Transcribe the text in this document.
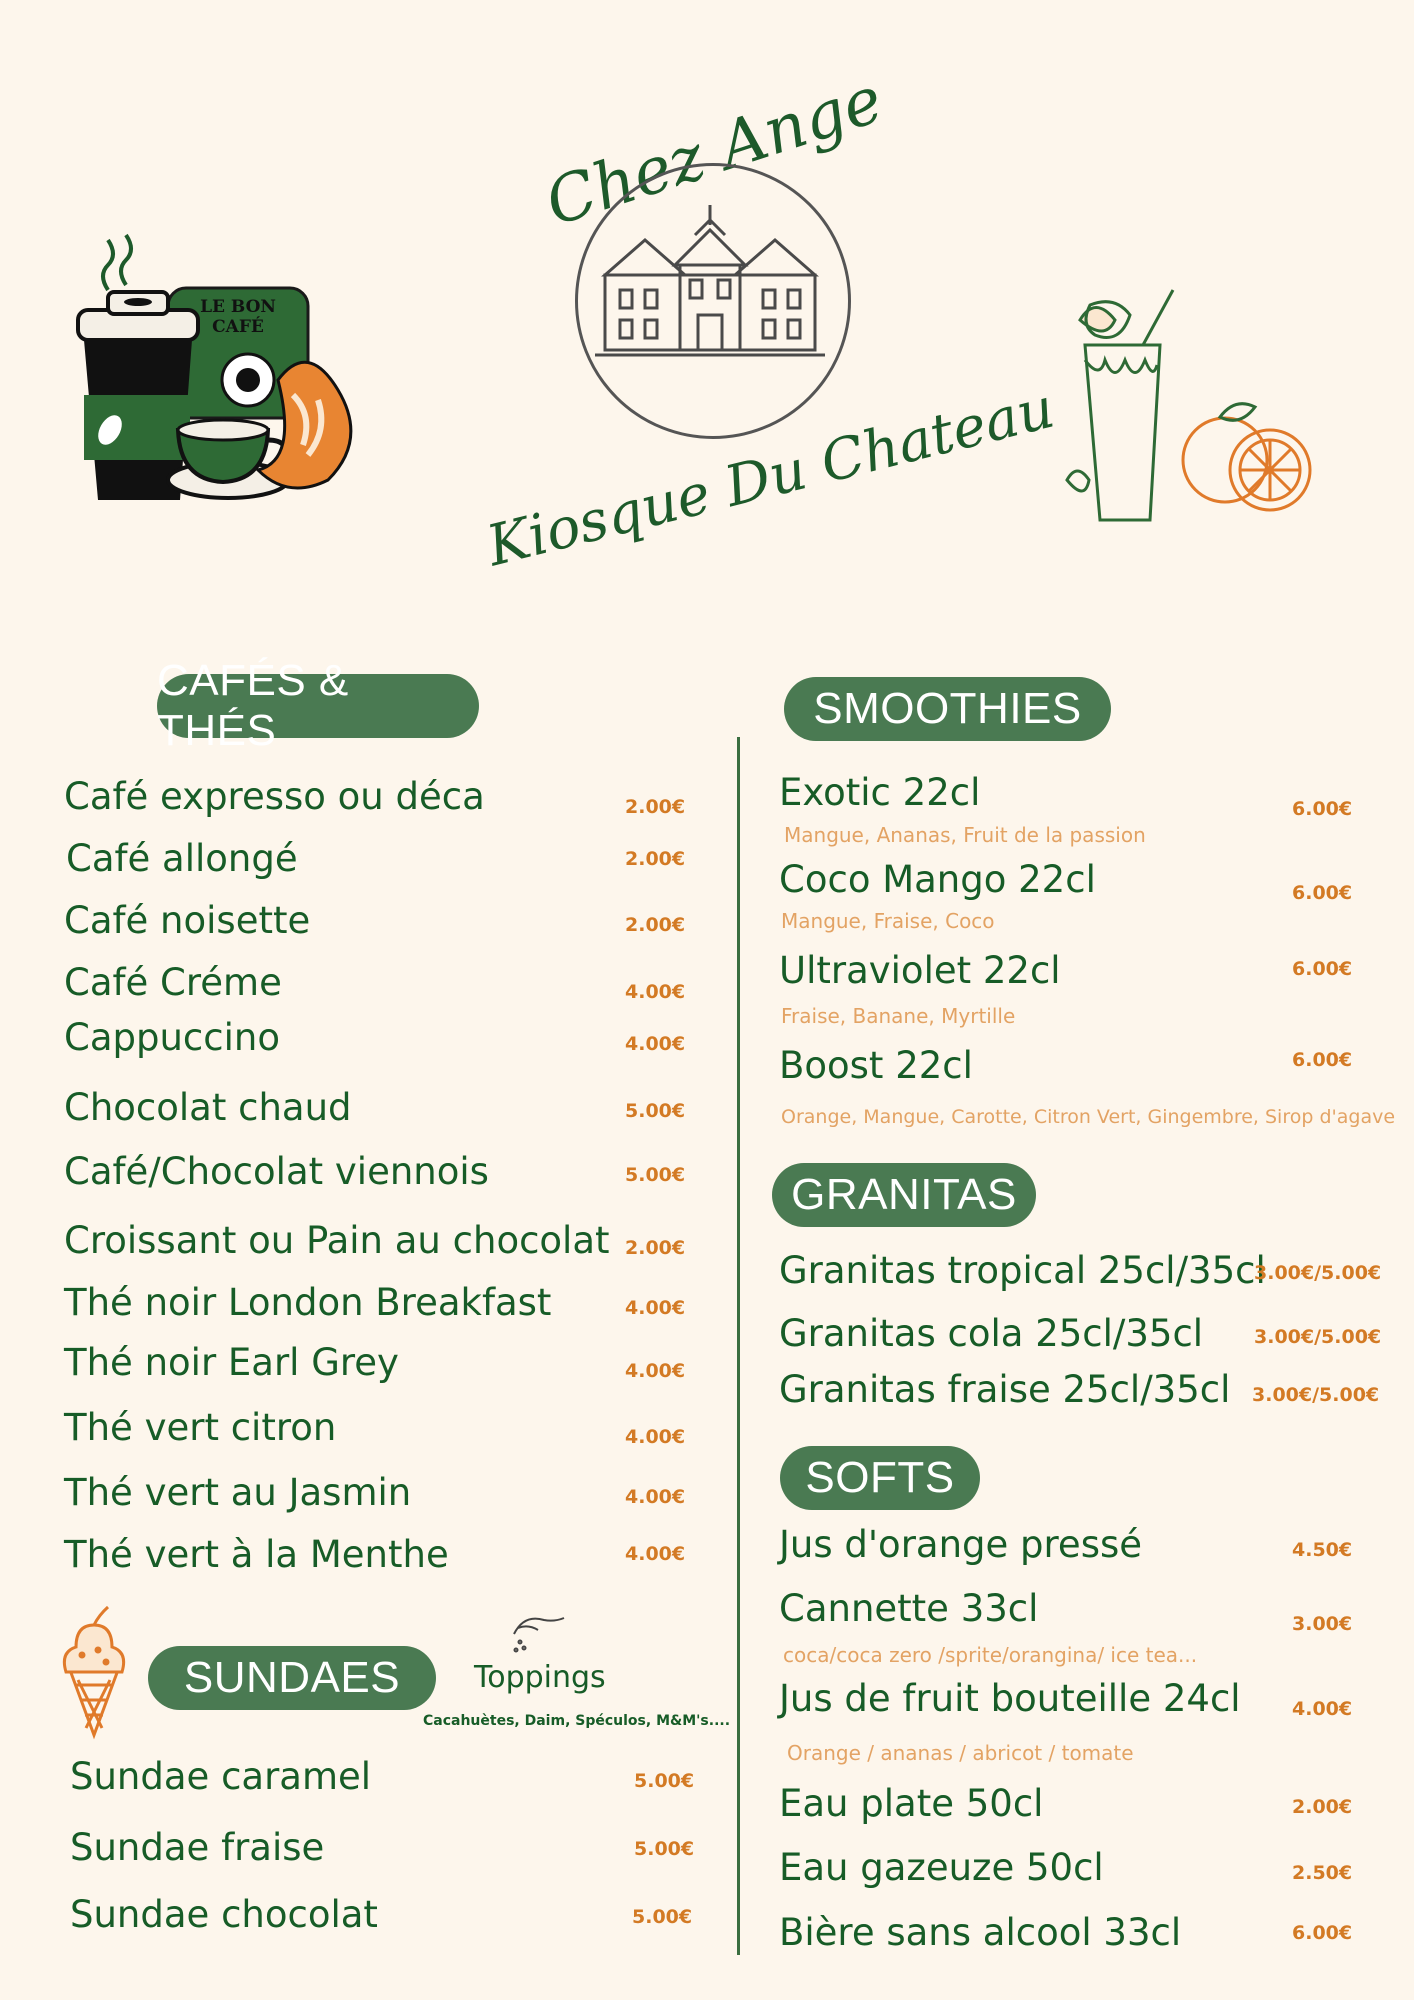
LE BON
CAFÉ
Chez Ange
Kiosque Du Chateau
CAFÉS & THÉS
Café expresso ou déca	2.00€
Café allongé	2.00€
Café noisette	2.00€
Café Créme	4.00€
Cappuccino	4.00€
Chocolat chaud	5.00€
Café/Chocolat viennois	5.00€
Croissant ou Pain au chocolat 2.00€
Thé noir London Breakfast	4.00€
Thé noir Earl Grey	4.00€
Thé vert citron	4.00€
Thé vert au Jasmin	4.00€
Thé vert à la Menthe	4.00€
SUNDAES	Toppings
Cacahuètes, Daim, Spéculos, M&M's....
Sundae caramel	5.00€
Sundae fraise	5.00€
Sundae chocolat	5.00€
SMOOTHIES
Exotic 22cl	6.00€
Mangue, Ananas, Fruit de la passion
Coco Mango 22cl	6.00€
Mangue, Fraise, Coco
Ultraviolet 22cl	6.00€
Fraise, Banane, Myrtille
Boost 22cl	6.00€
Orange, Mangue, Carotte, Citron Vert, Gingembre, Sirop d'agave
GRANITAS
Granitas tropical 25cl/35cl
3.00€/5.00€
Granitas cola 25cl/35cl	3.00€/5.00€
Granitas fraise 25cl/35cl 3.00€/5.00€
SOFTS
Jus d'orange pressé	4.50€
Cannette 33cl	3.00€
coca/coca zero /sprite/orangina/ ice tea...
Jus de fruit bouteille 24cl	4.00€
Orange / ananas / abricot / tomate
Eau plate 50cl	2.00€
Eau gazeuze 50cl	2.50€
Bière sans alcool 33cl	6.00€
